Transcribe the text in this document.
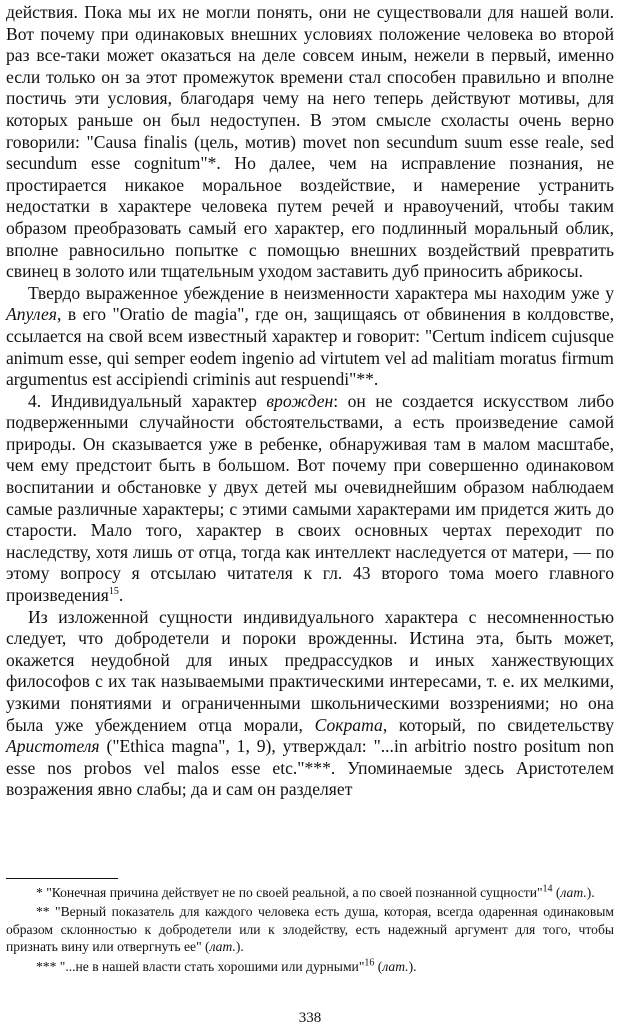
действия. Пока мы их не могли понять, они не существовали для нашей воли. Вот почему при одинаковых внешних условиях положение человека во второй раз все-таки может оказаться на деле совсем иным, нежели в первый, именно если только он за этот промежуток времени стал способен правильно и вполне постичь эти условия, благодаря чему на него теперь действуют мотивы, для которых раньше он был недоступен. В этом смысле схоласты очень верно говорили: "Causa finalis (цель, мотив) movet non secundum suum esse reale, sed secundum esse cognitum"*. Но далее, чем на исправление познания, не простирается никакое моральное воздействие, и намерение устранить недостатки в характере человека путем речей и нравоучений, чтобы таким образом преобразовать самый его характер, его подлинный моральный облик, вполне равносильно попытке с помощью внешних воздействий превратить свинец в золото или тщательным уходом заставить дуб приносить абрикосы.

Твердо выраженное убеждение в неизменности характера мы находим уже у Апулея, в его "Oratio de magia", где он, защищаясь от обвинения в колдовстве, ссылается на свой всем известный характер и говорит: "Certum indicem cujusque animum esse, qui semper eodem ingenio ad virtutem vel ad malitiam moratus firmum argumentus est accipiendi criminis aut respuendi"**.

4. Индивидуальный характер врожден: он не создается искусством либо подверженными случайности обстоятельствами, а есть произведение самой природы. Он сказывается уже в ребенке, обнаруживая там в малом масштабе, чем ему предстоит быть в большом. Вот почему при совершенно одинаковом воспитании и обстановке у двух детей мы очевиднейшим образом наблюдаем самые различные характеры; с этими самыми характерами им придется жить до старости. Мало того, характер в своих основных чертах переходит по наследству, хотя лишь от отца, тогда как интеллект наследуется от матери, — по этому вопросу я отсылаю читателя к гл. 43 второго тома моего главного произведения$^{15}$.

Из изложенной сущности индивидуального характера с несомненностью следует, что добродетели и пороки врожденны. Истина эта, быть может, окажется неудобной для иных предрассудков и иных ханжествующих философов с их так называемыми практическими интересами, т. е. их мелкими, узкими понятиями и ограниченными школьническими воззрениями; но она была уже убеждением отца морали, Сократа, который, по свидетельству Аристотеля ("Ethica magna", 1, 9), утверждал: "...in arbitrio nostro positum non esse nos probos vel malos esse etc."***. Упоминаемые здесь Аристотелем возражения явно слабы; да и сам он разделяет

* "Конечная причина действует не по своей реальной, а по своей познанной сущности"$^{14}$ (лат.).

** "Верный показатель для каждого человека есть душа, которая, всегда одаренная одинаковым образом склонностью к добродетели или к злодейству, есть надежный аргумент для того, чтобы признать вину или отвергнуть ее" (лат.).

*** "...не в нашей власти стать хорошими или дурными"$^{16}$ (лат.).

338
